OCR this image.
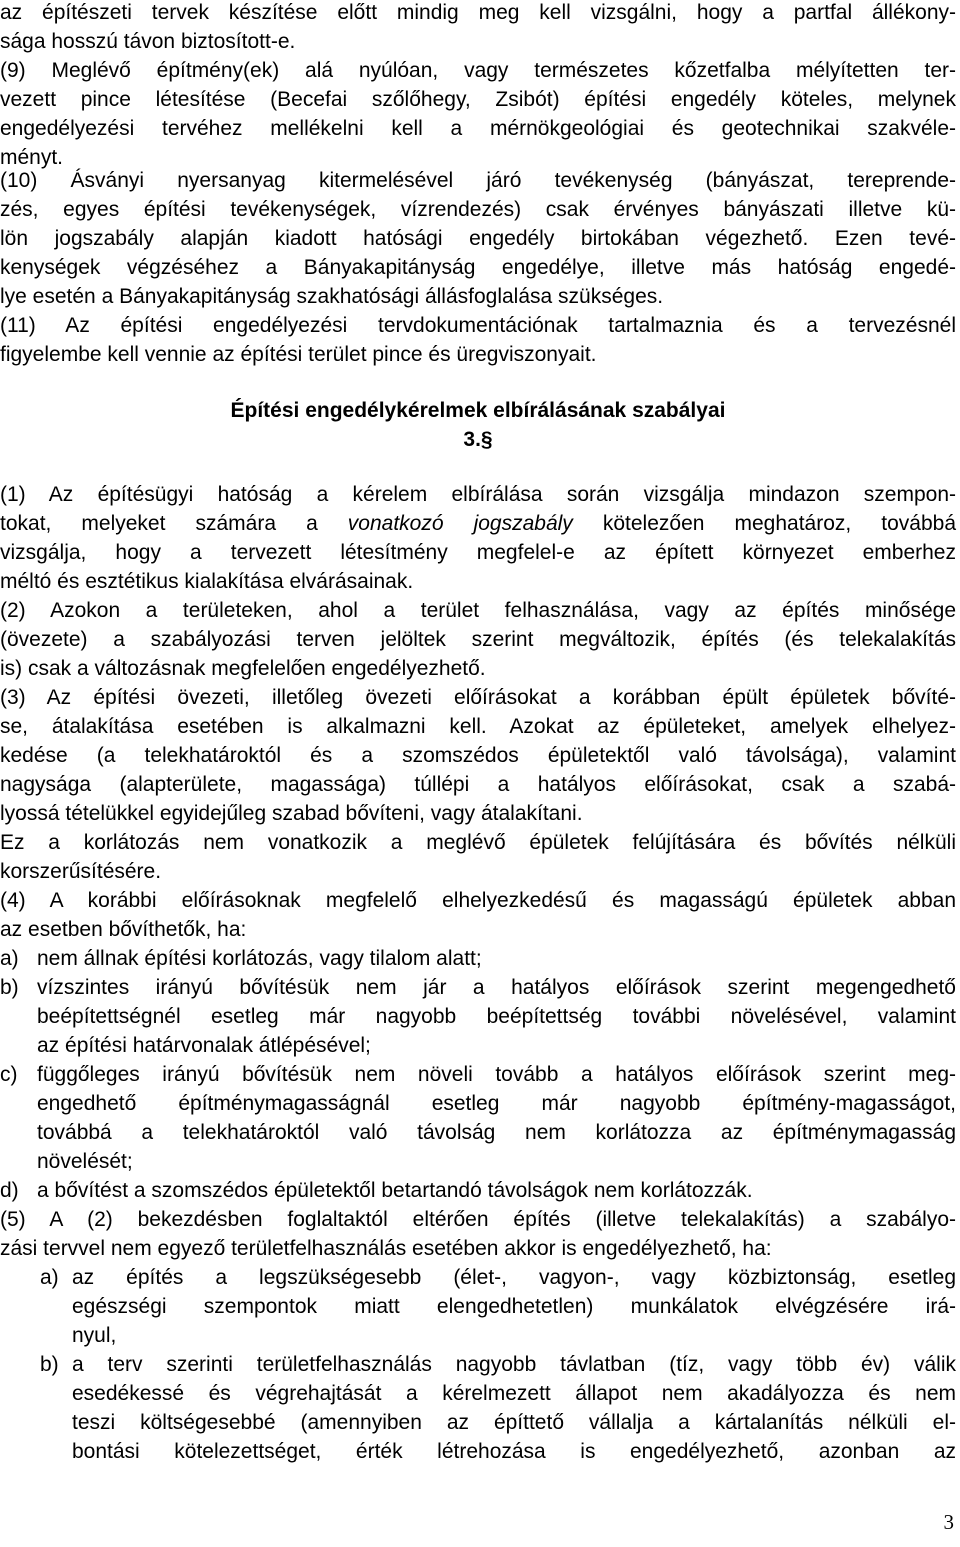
az építészeti tervek készítése előtt mindig meg kell vizsgálni, hogy a partfal állékony-
sága hosszú távon biztosított-e.
(9) Meglévő építmény(ek) alá nyúlóan, vagy természetes kőzetfalba mélyítetten ter-
vezett pince létesítése (Becefai szőlőhegy, Zsibót) építési engedély köteles, melynek
engedélyezési tervéhez mellékelni kell a mérnökgeológiai és geotechnikai szakvéle-
ményt.
(10) Ásványi nyersanyag kitermelésével járó tevékenység (bányászat, tereprende-
zés, egyes építési tevékenységek, vízrendezés) csak érvényes bányászati illetve kü-
lön jogszabály alapján kiadott hatósági engedély birtokában végezhető. Ezen tevé-
kenységek végzéséhez a Bányakapitányság engedélye, illetve más hatóság engedé-
lye esetén a Bányakapitányság szakhatósági állásfoglalása szükséges.
(11) Az építési engedélyezési tervdokumentációnak tartalmaznia és a tervezésnél
figyelembe kell vennie az építési terület pince és üregviszonyait.
Építési engedélykérelmek elbírálásának szabályai
3.§
(1) Az építésügyi hatóság a kérelem elbírálása során vizsgálja mindazon szempon-
tokat, melyeket számára a vonatkozó jogszabály kötelezően meghatároz, továbbá
vizsgálja, hogy a tervezett létesítmény megfelel-e az épített környezet emberhez
méltó és esztétikus kialakítása elvárásainak.
(2) Azokon a területeken, ahol a terület felhasználása, vagy az építés minősége
(övezete) a szabályozási terven jelöltek szerint megváltozik, építés (és telekalakítás
is) csak a változásnak megfelelően engedélyezhető.
(3) Az építési övezeti, illetőleg övezeti előírásokat a korábban épült épületek bővíté-
se, átalakítása esetében is alkalmazni kell. Azokat az épületeket, amelyek elhelyez-
kedése (a telekhatároktól és a szomszédos épületektől való távolsága), valamint
nagysága (alapterülete, magassága) túllépi a hatályos előírásokat, csak a szabá-
lyossá tételükkel egyidejűleg szabad bővíteni, vagy átalakítani.
Ez a korlátozás nem vonatkozik a meglévő épületek felújítására és bővítés nélküli
korszerűsítésére.
(4) A korábbi előírásoknak megfelelő elhelyezkedésű és magasságú épületek abban
az esetben bővíthetők, ha:
a) nem állnak építési korlátozás, vagy tilalom alatt;
b) vízszintes irányú bővítésük nem jár a hatályos előírások szerint megengedhető
beépítettségnél esetleg már nagyobb beépítettség további növelésével, valamint
az építési határvonalak átlépésével;
c) függőleges irányú bővítésük nem növeli tovább a hatályos előírások szerint meg-
engedhető építménymagasságnál esetleg már nagyobb építmény-magasságot,
továbbá a telekhatároktól való távolság nem korlátozza az építménymagasság
növelését;
d) a bővítést a szomszédos épületektől betartandó távolságok nem korlátozzák.
(5) A (2) bekezdésben foglaltaktól eltérően építés (illetve telekalakítás) a szabályo-
zási tervvel nem egyező területfelhasználás esetében akkor is engedélyezhető, ha:
a) az építés a legszükségesebb (élet-, vagyon-, vagy közbiztonság, esetleg
egészségi szempontok miatt elengedhetetlen) munkálatok elvégzésére irá-
nyul,
b) a terv szerinti területfelhasználás nagyobb távlatban (tíz, vagy több év) válik
esedékessé és végrehajtását a kérelmezett állapot nem akadályozza és nem
teszi költségesebbé (amennyiben az építtető vállalja a kártalanítás nélküli el-
bontási kötelezettséget, érték létrehozása is engedélyezhető, azonban az
3
